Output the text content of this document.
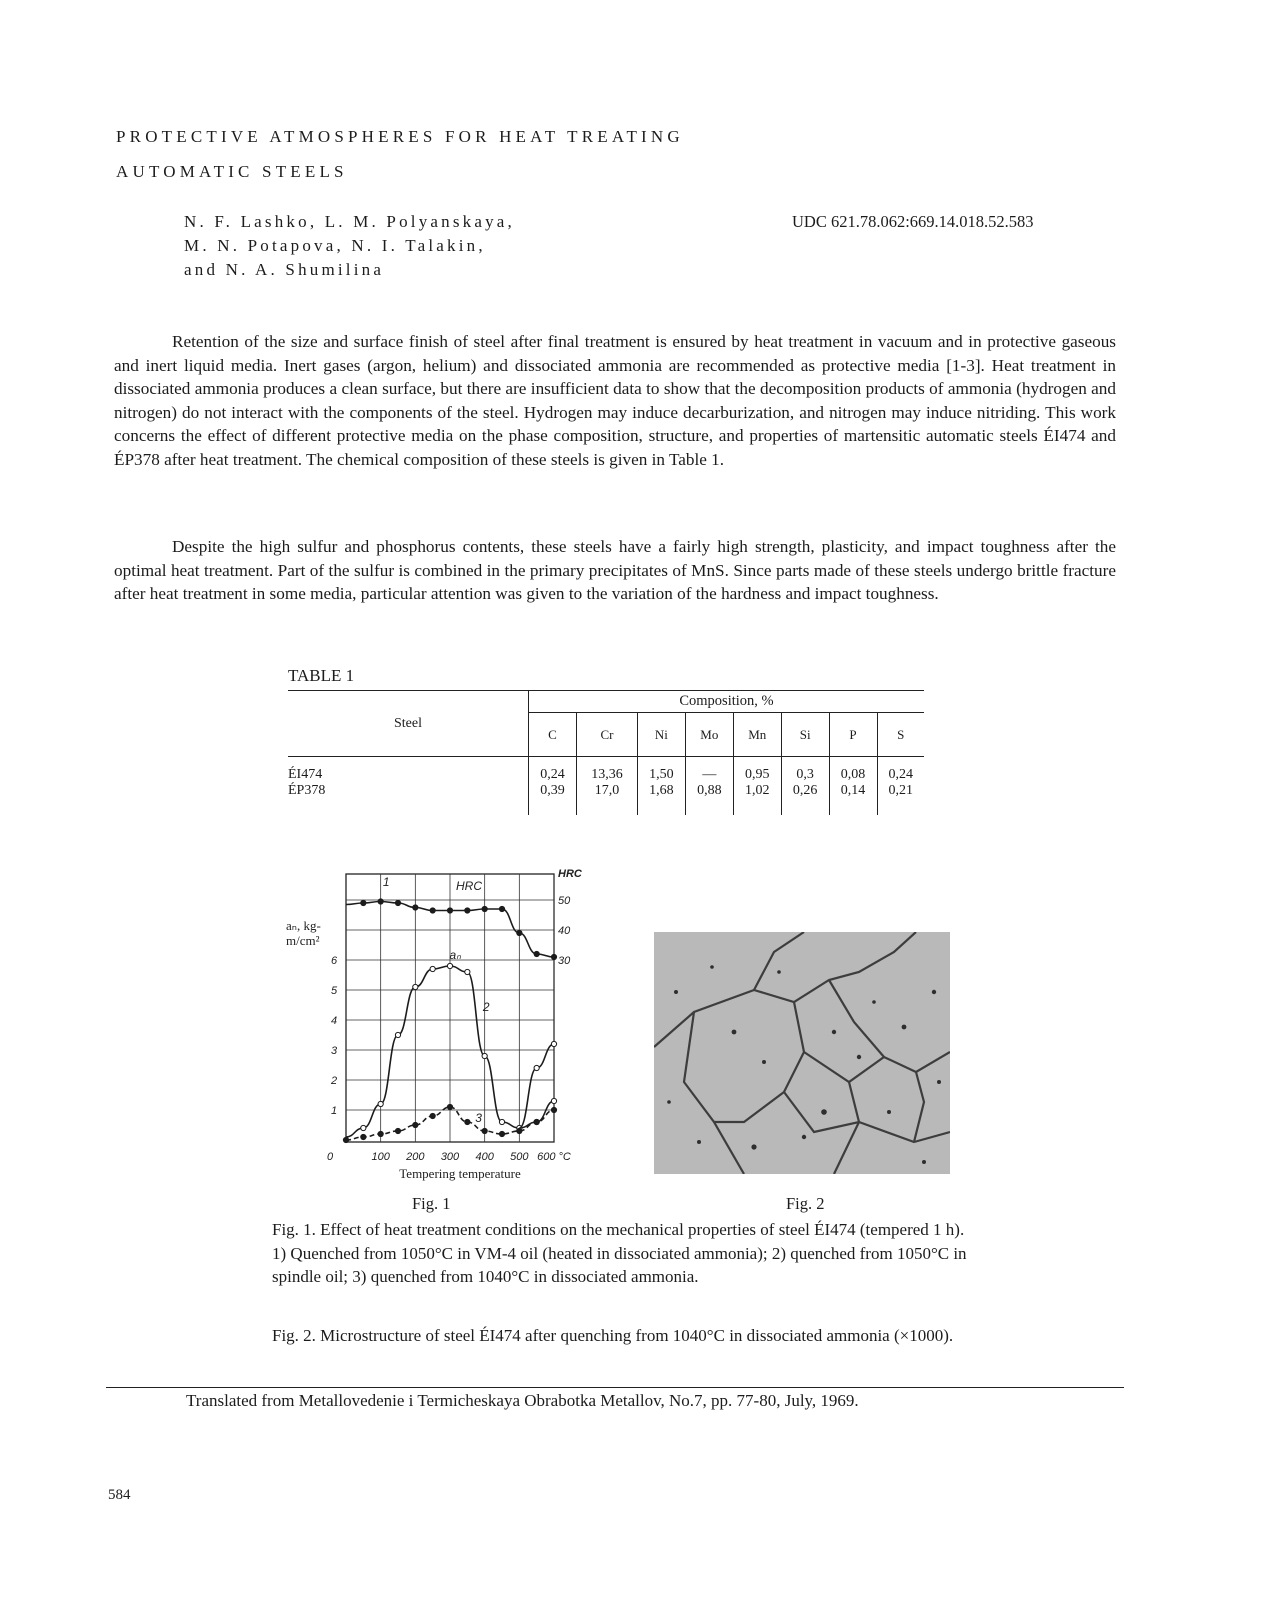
PROTECTIVE ATMOSPHERES FOR HEAT TREATING
AUTOMATIC STEELS
N. F. Lashko, L. M. Polyanskaya,
M. N. Potapova, N. I. Talakin,
and N. A. Shumilina
UDC 621.78.062:669.14.018.52.583
Retention of the size and surface finish of steel after final treatment is ensured by heat treatment in vacuum and in protective gaseous and inert liquid media. Inert gases (argon, helium) and dissociated ammonia are recommended as protective media [1-3]. Heat treatment in dissociated ammonia produces a clean surface, but there are insufficient data to show that the decomposition products of ammonia (hydrogen and nitrogen) do not interact with the components of the steel. Hydrogen may induce decarburization, and nitrogen may induce nitriding. This work concerns the effect of different protective media on the phase composition, structure, and properties of martensitic automatic steels ÉI474 and ÉP378 after heat treatment. The chemical composition of these steels is given in Table 1.
Despite the high sulfur and phosphorus contents, these steels have a fairly high strength, plasticity, and impact toughness after the optimal heat treatment. Part of the sulfur is combined in the primary precipitates of MnS. Since parts made of these steels undergo brittle fracture after heat treatment in some media, particular attention was given to the variation of the hardness and impact toughness.
TABLE 1
Steel	Composition, %							
	C	Cr	Ni	Mo	Mn	Si	P	S
ÉI474	0,24	13,36	1,50	—	0,95	0,3	0,08	0,24
ÉP378	0,39	17,0	1,68	0,88	1,02	0,26	0,14	0,21
0	100 200 300 400 500 600 °C
1
2
3
4
5
6	30
40
50
HRC
aₙ, kg-m/cm²
Tempering temperature
1	HRC
aₙ
2
3
Fig. 1	Fig. 2
Fig. 1. Effect of heat treatment conditions on the mechanical properties of steel ÉI474 (tempered 1 h). 1) Quenched from 1050°C in VM-4 oil (heated in dissociated ammonia); 2) quenched from 1050°C in spindle oil; 3) quenched from 1040°C in dissociated ammonia.
Fig. 2. Microstructure of steel ÉI474 after quenching from 1040°C in dissociated ammonia (×1000).
Translated from Metallovedenie i Termicheskaya Obrabotka Metallov, No.7, pp. 77-80, July, 1969.
584
